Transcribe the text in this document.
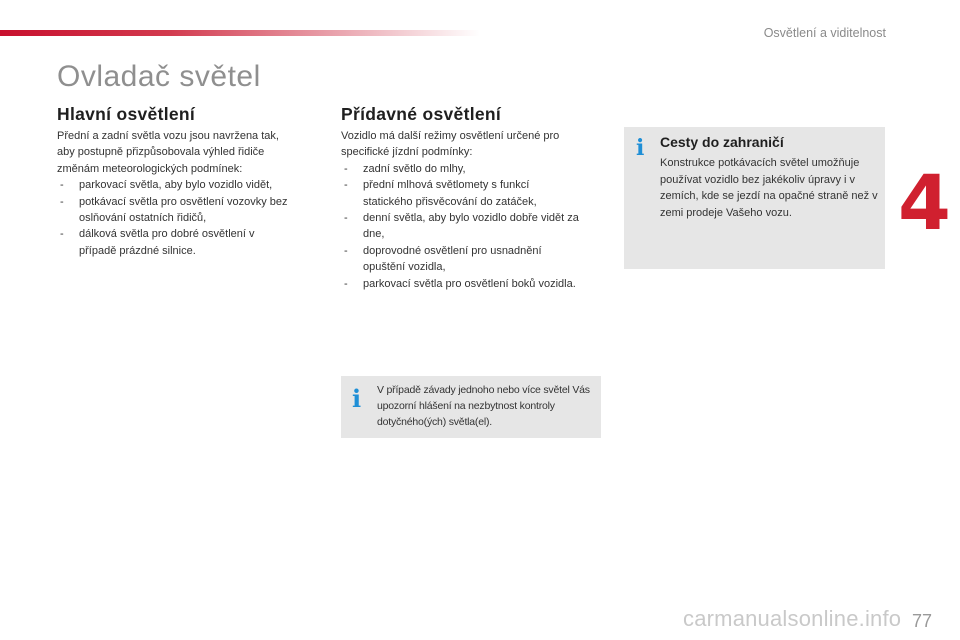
Osvětlení a viditelnost
Ovladač světel
Hlavní osvětlení
Přední a zadní světla vozu jsou navržena tak,
aby postupně přizpůsobovala výhled řidiče
změnám meteorologických podmínek:
- parkovací světla, aby bylo vozidlo vidět,
- potkávací světla pro osvětlení vozovky bez oslňování ostatních řidičů,
- dálková světla pro dobré osvětlení v případě prázdné silnice.
Přídavné osvětlení
Vozidlo má další režimy osvětlení určené pro
specifické jízdní podmínky:
- zadní světlo do mlhy,
- přední mlhová světlomety s funkcí statického přisvěcování do zatáček,
- denní světla, aby bylo vozidlo dobře vidět za dne,
- doprovodné osvětlení pro usnadnění opuštění vozidla,
- parkovací světla pro osvětlení boků vozidla.
i V případě závady jednoho nebo více světel Vás upozorní hlášení na nezbytnost kontroly dotyčného(ých) světla(el).
i Cesty do zahraničí
Konstrukce potkávacích světel umožňuje používat vozidlo bez jakékoliv úpravy i v zemích, kde se jezdí na opačné straně než v zemi prodeje Vašeho vozu.	4
carmanualsonline.info 77
